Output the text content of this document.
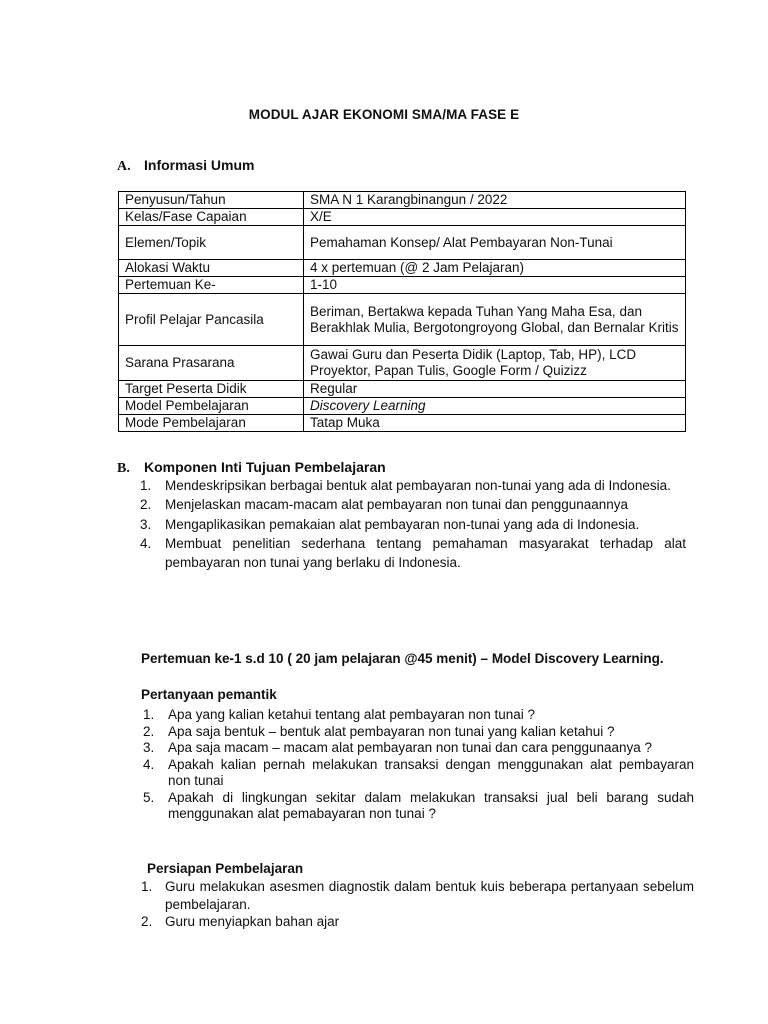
MODUL AJAR EKONOMI SMA/MA FASE E
A. Informasi Umum
Penyusun/Tahun	SMA N 1 Karangbinangun / 2022
Kelas/Fase Capaian	X/E
Elemen/Topik	Pemahaman Konsep/ Alat Pembayaran Non-Tunai
Alokasi Waktu	4 x pertemuan (@ 2 Jam Pelajaran)
Pertemuan Ke-	1-10
Profil Pelajar Pancasila	Beriman, Bertakwa kepada Tuhan Yang Maha Esa, dan Berakhlak Mulia, Bergotongroyong Global, dan Bernalar Kritis
Sarana Prasarana	Gawai Guru dan Peserta Didik (Laptop, Tab, HP), LCD Proyektor, Papan Tulis, Google Form / Quizizz
Target Peserta Didik	Regular
Model Pembelajaran	Discovery Learning
Mode Pembelajaran	Tatap Muka
B. Komponen Inti Tujuan Pembelajaran
1. Mendeskripsikan berbagai bentuk alat pembayaran non-tunai yang ada di Indonesia.
2. Menjelaskan macam-macam alat pembayaran non tunai dan penggunaannya
3. Mengaplikasikan pemakaian alat pembayaran non-tunai yang ada di Indonesia.
4. Membuat penelitian sederhana tentang pemahaman masyarakat terhadap alat pembayaran non tunai yang berlaku di Indonesia.
Pertemuan ke-1 s.d 10 ( 20 jam pelajaran @45 menit) – Model Discovery Learning.
Pertanyaan pemantik
1. Apa yang kalian ketahui tentang alat pembayaran non tunai ?
2. Apa saja bentuk – bentuk alat pembayaran non tunai yang kalian ketahui ?
3. Apa saja macam – macam alat pembayaran non tunai dan cara penggunaanya ?
4. Apakah kalian pernah melakukan transaksi dengan menggunakan alat pembayaran non tunai
5. Apakah di lingkungan sekitar dalam melakukan transaksi jual beli barang sudah menggunakan alat pemabayaran non tunai ?
Persiapan Pembelajaran
1. Guru melakukan asesmen diagnostik dalam bentuk kuis beberapa pertanyaan sebelum pembelajaran.
2. Guru menyiapkan bahan ajar
